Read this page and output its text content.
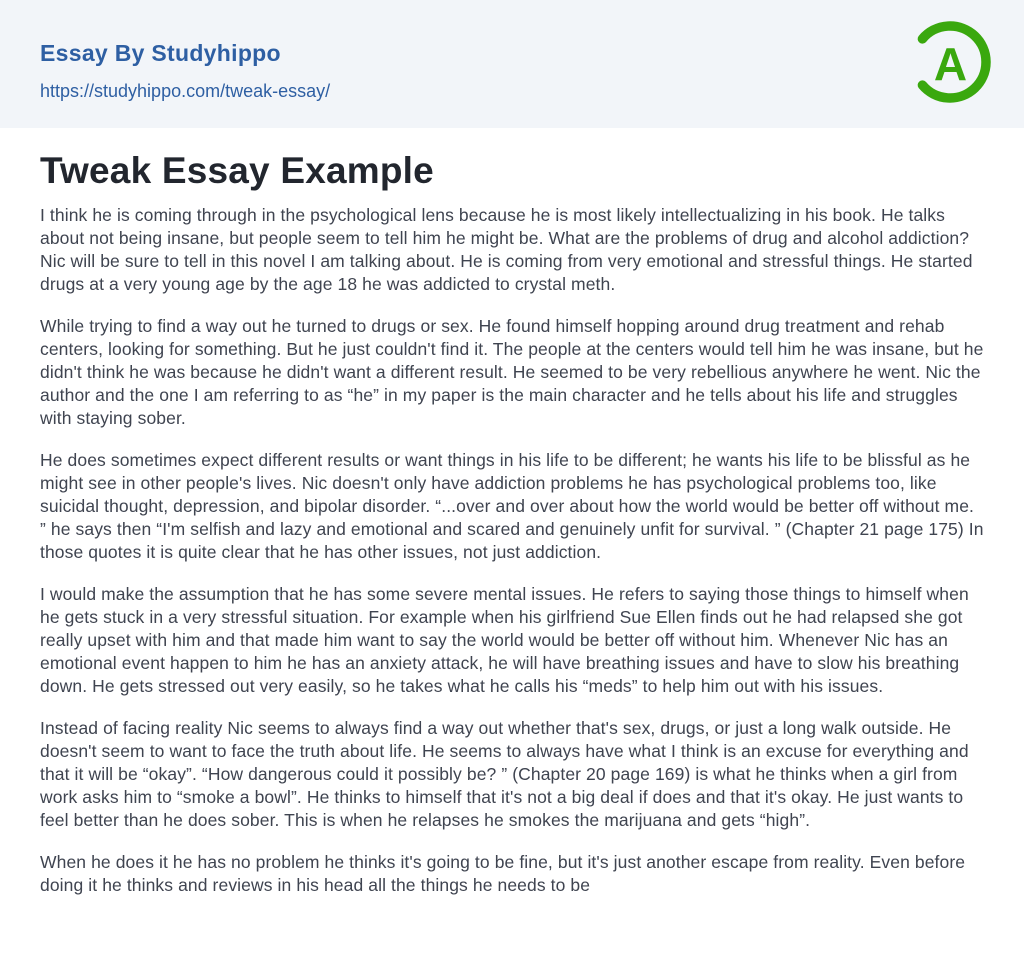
Essay By Studyhippo
https://studyhippo.com/tweak-essay/
A
Tweak Essay Example

I think he is coming through in the psychological lens because he is most likely intellectualizing in his book. He talks about not being insane, but people seem to tell him he might be. What are the problems of drug and alcohol addiction? Nic will be sure to tell in this novel I am talking about. He is coming from very emotional and stressful things. He started drugs at a very young age by the age 18 he was addicted to crystal meth.

While trying to find a way out he turned to drugs or sex. He found himself hopping around drug treatment and rehab centers, looking for something. But he just couldn't find it. The people at the centers would tell him he was insane, but he didn't think he was because he didn't want a different result. He seemed to be very rebellious anywhere he went. Nic the author and the one I am referring to as “he” in my paper is the main character and he tells about his life and struggles with staying sober.

He does sometimes expect different results or want things in his life to be different; he wants his life to be blissful as he might see in other people's lives. Nic doesn't only have addiction problems he has psychological problems too, like suicidal thought, depression, and bipolar disorder. “...over and over about how the world would be better off without me. ” he says then “I'm selfish and lazy and emotional and scared and genuinely unfit for survival. ” (Chapter 21 page 175) In those quotes it is quite clear that he has other issues, not just addiction.

I would make the assumption that he has some severe mental issues. He refers to saying those things to himself when he gets stuck in a very stressful situation. For example when his girlfriend Sue Ellen finds out he had relapsed she got really upset with him and that made him want to say the world would be better off without him. Whenever Nic has an emotional event happen to him he has an anxiety attack, he will have breathing issues and have to slow his breathing down. He gets stressed out very easily, so he takes what he calls his “meds” to help him out with his issues.

Instead of facing reality Nic seems to always find a way out whether that's sex, drugs, or just a long walk outside. He doesn't seem to want to face the truth about life. He seems to always have what I think is an excuse for everything and that it will be “okay”. “How dangerous could it possibly be? ” (Chapter 20 page 169) is what he thinks when a girl from work asks him to “smoke a bowl”. He thinks to himself that it's not a big deal if does and that it's okay. He just wants to feel better than he does sober. This is when he relapses he smokes the marijuana and gets “high”.

When he does it he has no problem he thinks it's going to be fine, but it's just another escape from reality. Even before doing it he thinks and reviews in his head all the things he needs to be
